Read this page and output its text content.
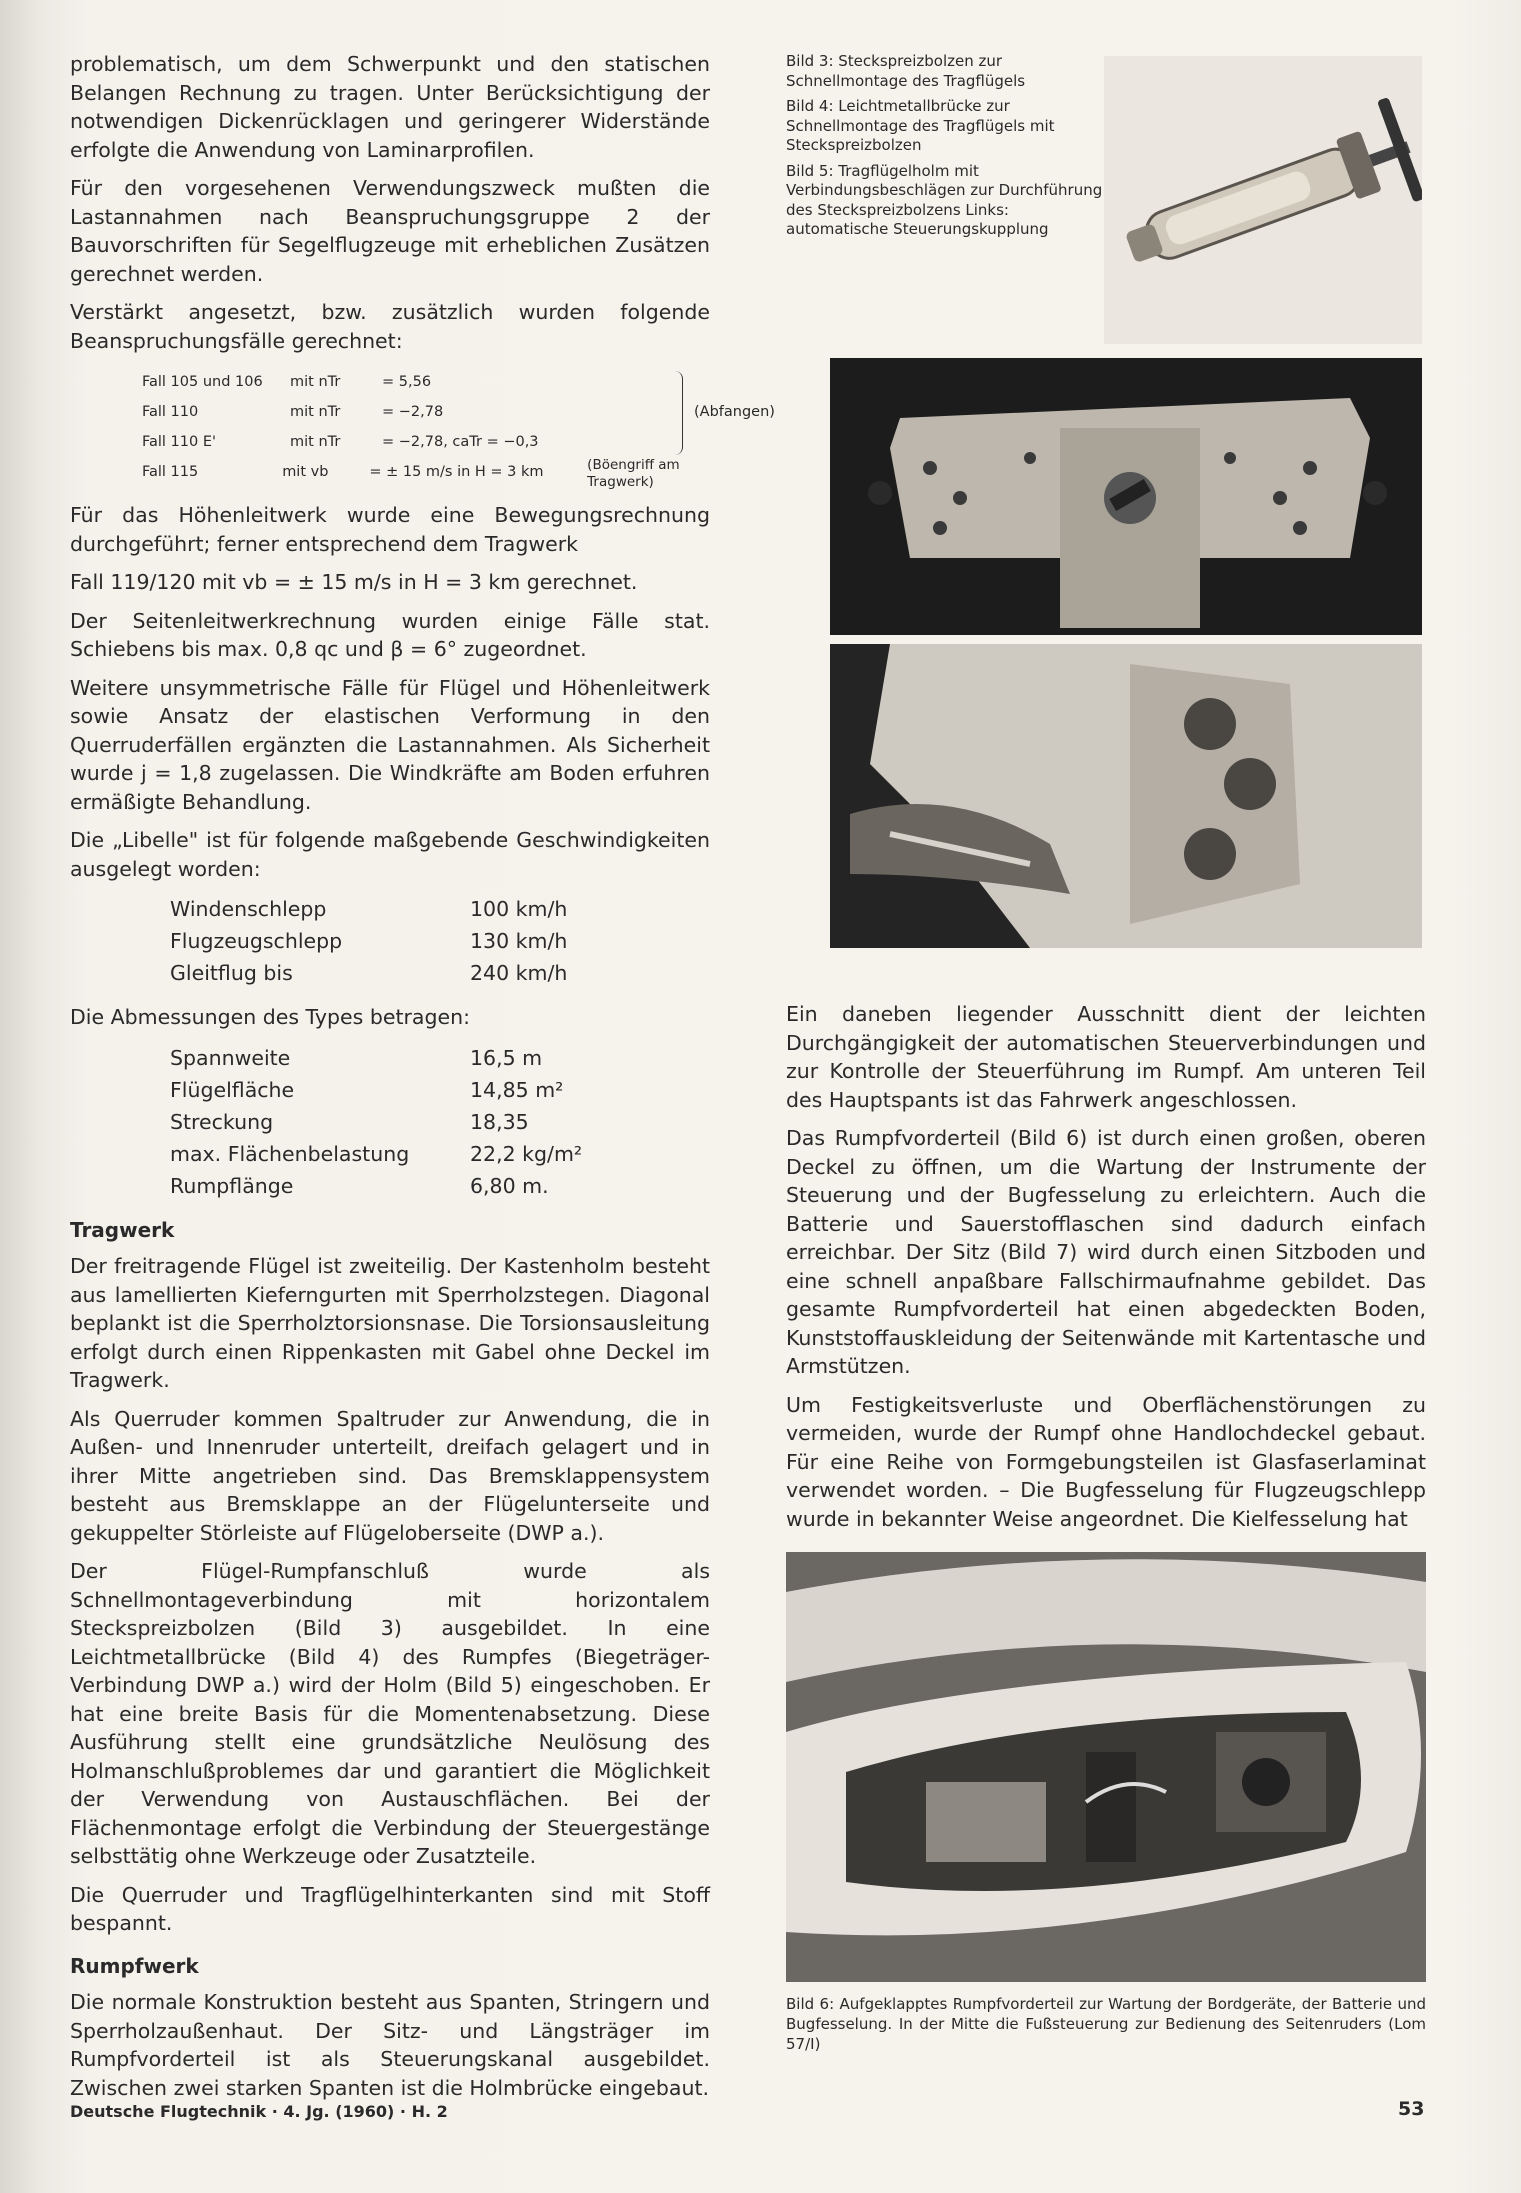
problematisch, um dem Schwerpunkt und den statischen Belangen Rechnung zu tragen. Unter Berücksichtigung der notwendigen Dickenrücklagen und geringerer Widerstände erfolgte die Anwendung von Laminarprofilen.

Für den vorgesehenen Verwendungszweck mußten die Lastannahmen nach Beanspruchungsgruppe 2 der Bauvorschriften für Segelflugzeuge mit erheblichen Zusätzen gerechnet werden.

Verstärkt angesetzt, bzw. zusätzlich wurden folgende Beanspruchungsfälle gerechnet:

Fall 105 und 106	mit nTr	= 5,56
Fall 110	mit nTr	= −2,78
Fall 110 E'	mit nTr	= −2,78, caTr = −0,3
Fall 115	mit vb	= ± 15 m/s in H = 3 km	(Böengriff am Tragwerk)
(Abfangen)

Für das Höhenleitwerk wurde eine Bewegungsrechnung durchgeführt; ferner entsprechend dem Tragwerk

Fall 119/120 mit vb = ± 15 m/s in H = 3 km gerechnet.

Der Seitenleitwerkrechnung wurden einige Fälle stat. Schiebens bis max. 0,8 qc und β = 6° zugeordnet.

Weitere unsymmetrische Fälle für Flügel und Höhenleitwerk sowie Ansatz der elastischen Verformung in den Querruderfällen ergänzten die Lastannahmen. Als Sicherheit wurde j = 1,8 zugelassen. Die Windkräfte am Boden erfuhren ermäßigte Behandlung.

Die „Libelle" ist für folgende maßgebende Geschwindigkeiten ausgelegt worden:

Windenschlepp	100 km/h
Flugzeugschlepp	130 km/h
Gleitflug bis	240 km/h

Die Abmessungen des Types betragen:

Spannweite	16,5 m
Flügelfläche	14,85 m²
Streckung	18,35
max. Flächenbelastung	22,2 kg/m²
Rumpflänge	6,80 m.
Tragwerk

Der freitragende Flügel ist zweiteilig. Der Kastenholm besteht aus lamellierten Kieferngurten mit Sperrholzstegen. Diagonal beplankt ist die Sperrholztorsionsnase. Die Torsionsausleitung erfolgt durch einen Rippenkasten mit Gabel ohne Deckel im Tragwerk.

Als Querruder kommen Spaltruder zur Anwendung, die in Außen- und Innenruder unterteilt, dreifach gelagert und in ihrer Mitte angetrieben sind. Das Bremsklappensystem besteht aus Bremsklappe an der Flügelunterseite und gekuppelter Störleiste auf Flügeloberseite (DWP a.).

Der Flügel-Rumpfanschluß wurde als Schnellmontageverbindung mit horizontalem Steckspreizbolzen (Bild 3) ausgebildet. In eine Leichtmetallbrücke (Bild 4) des Rumpfes (Biegeträger-Verbindung DWP a.) wird der Holm (Bild 5) eingeschoben. Er hat eine breite Basis für die Momentenabsetzung. Diese Ausführung stellt eine grundsätzliche Neulösung des Holmanschlußproblemes dar und garantiert die Möglichkeit der Verwendung von Austauschflächen. Bei der Flächenmontage erfolgt die Verbindung der Steuergestänge selbsttätig ohne Werkzeuge oder Zusatzteile.

Die Querruder und Tragflügelhinterkanten sind mit Stoff bespannt.

Rumpfwerk

Die normale Konstruktion besteht aus Spanten, Stringern und Sperrholzaußenhaut. Der Sitz- und Längsträger im Rumpfvorderteil ist als Steuerungskanal ausgebildet. Zwischen zwei starken Spanten ist die Holmbrücke eingebaut.

Bild 3: Steckspreizbolzen zur Schnellmontage des Tragflügels
Bild 4: Leichtmetallbrücke zur Schnellmontage des Tragflügels mit Steckspreizbolzen
Bild 5: Tragflügelholm mit Verbindungsbeschlägen zur Durchführung des Steckspreizbolzens Links: automatische Steuerungskupplung

Ein daneben liegender Ausschnitt dient der leichten Durchgängigkeit der automatischen Steuerverbindungen und zur Kontrolle der Steuerführung im Rumpf. Am unteren Teil des Hauptspants ist das Fahrwerk angeschlossen.

Das Rumpfvorderteil (Bild 6) ist durch einen großen, oberen Deckel zu öffnen, um die Wartung der Instrumente der Steuerung und der Bugfesselung zu erleichtern. Auch die Batterie und Sauerstofflaschen sind dadurch einfach erreichbar. Der Sitz (Bild 7) wird durch einen Sitzboden und eine schnell anpaßbare Fallschirmaufnahme gebildet. Das gesamte Rumpfvorderteil hat einen abgedeckten Boden, Kunststoffauskleidung der Seitenwände mit Kartentasche und Armstützen.

Um Festigkeitsverluste und Oberflächenstörungen zu vermeiden, wurde der Rumpf ohne Handlochdeckel gebaut. Für eine Reihe von Formgebungsteilen ist Glasfaserlaminat verwendet worden. – Die Bugfesselung für Flugzeugschlepp wurde in bekannter Weise angeordnet. Die Kielfesselung hat

Bild 6: Aufgeklapptes Rumpfvorderteil zur Wartung der Bordgeräte, der Batterie und Bugfesselung. In der Mitte die Fußsteuerung zur Bedienung des Seitenruders (Lom 57/I)
Deutsche Flugtechnik · 4. Jg. (1960) · H. 2	53
